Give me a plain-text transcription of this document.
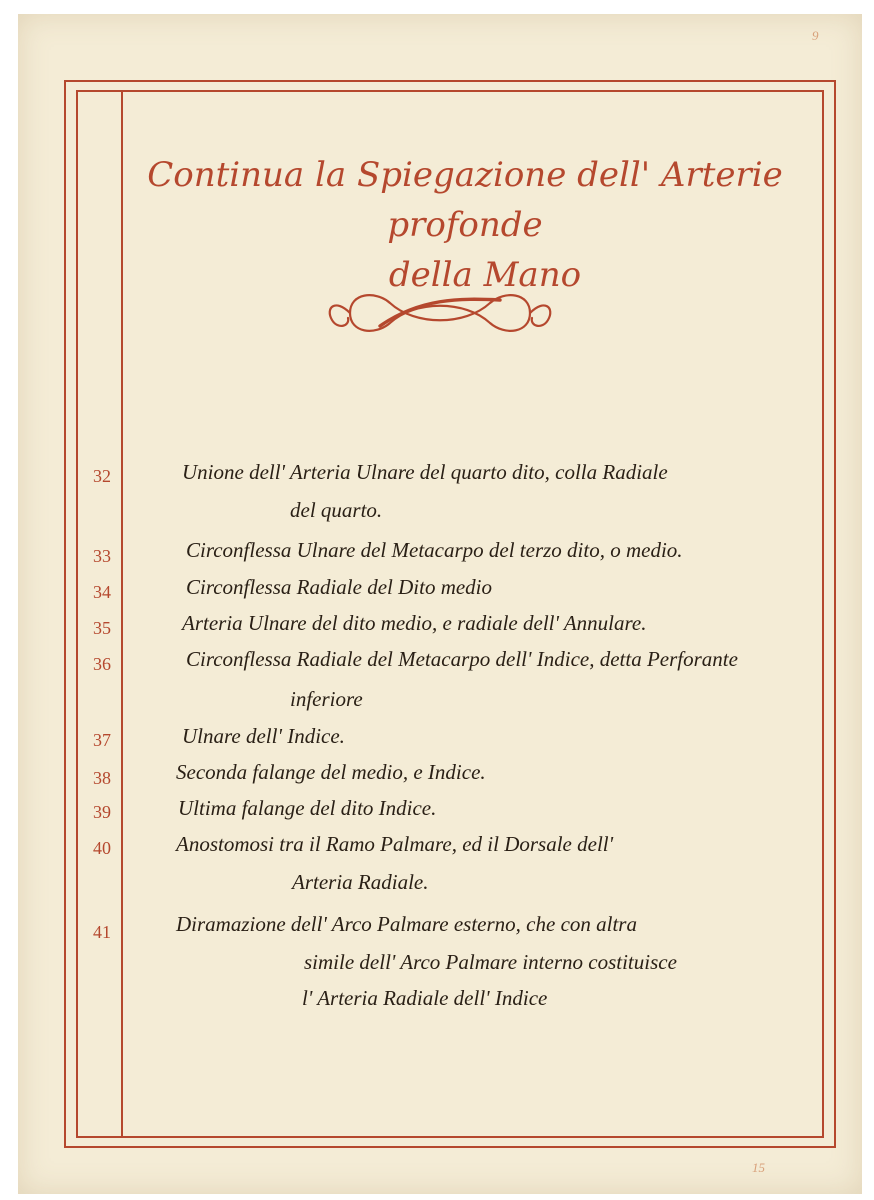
9
15
Continua la Spiegazione dell' Arterie profonde
della Mano
32
33
34
35
36
37
38
39
40
41
Unione dell' Arteria Ulnare del quarto dito, colla Radiale
del quarto.
Circonflessa Ulnare del Metacarpo del terzo dito, o medio.
Circonflessa Radiale del Dito medio
Arteria Ulnare del dito medio, e radiale dell' Annulare.
Circonflessa Radiale del Metacarpo dell' Indice, detta Perforante
inferiore
Ulnare dell' Indice.
Seconda falange del medio, e Indice.
Ultima falange del dito Indice.
Anostomosi tra il Ramo Palmare, ed il Dorsale dell'
Arteria Radiale.
Diramazione dell' Arco Palmare esterno, che con altra
simile dell' Arco Palmare interno costituisce
l' Arteria Radiale dell' Indice
